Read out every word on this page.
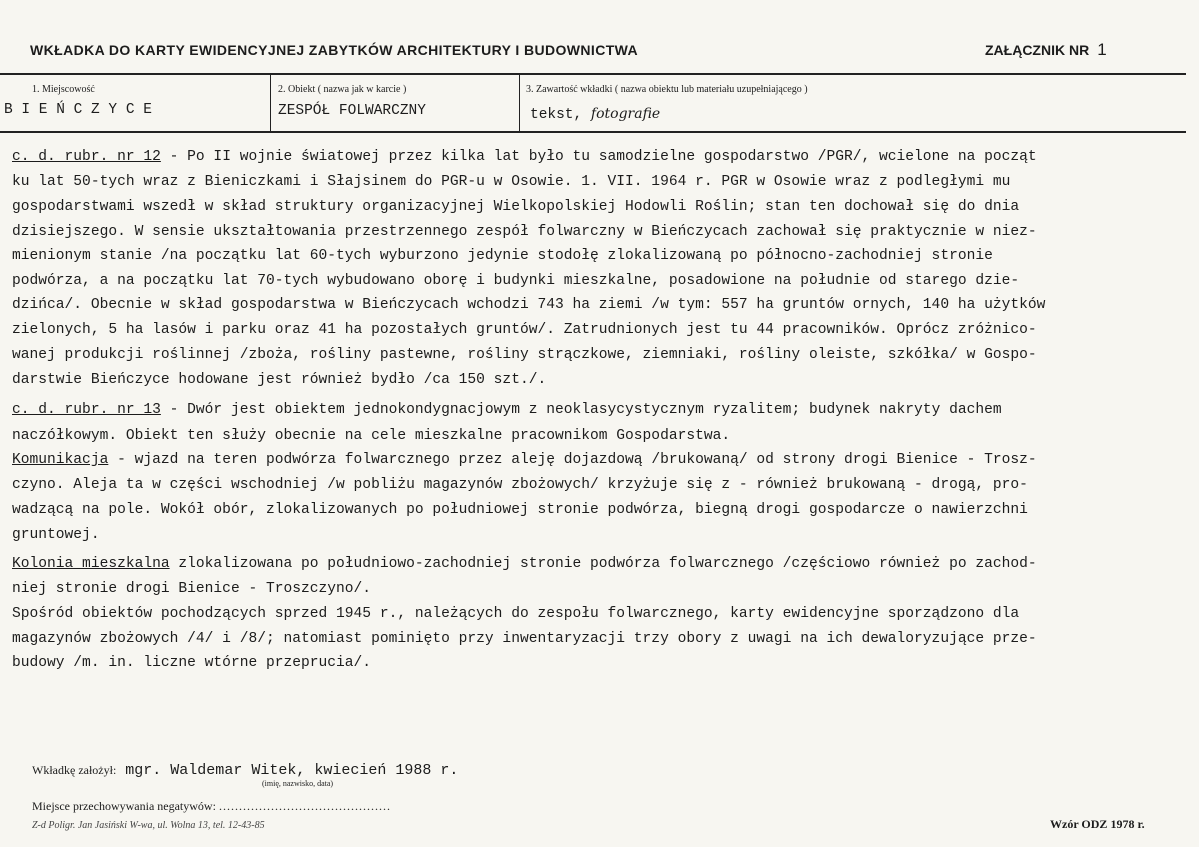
WKŁADKA DO KARTY EWIDENCYJNEJ ZABYTKÓW ARCHITEKTURY I BUDOWNICTWA	ZAŁĄCZNIK NR 1
1. Miejscowość
B I E Ń C Z Y C E
2. Obiekt ( nazwa jak w karcie )
ZESPÓŁ FOLWARCZNY
3. Zawartość wkładki ( nazwa obiektu lub materiału uzupełniającego )
tekst, fotografie
c. d. rubr. nr 12 - Po II wojnie światowej przez kilka lat było tu samodzielne gospodarstwo /PGR/, wcielone na począt
ku lat 50-tych wraz z Bieniczkami i Słajsinem do PGR-u w Osowie. 1. VII. 1964 r. PGR w Osowie wraz z podległymi mu
gospodarstwami wszedł w skład struktury organizacyjnej Wielkopolskiej Hodowli Roślin; stan ten dochował się do dnia
dzisiejszego. W sensie ukształtowania przestrzennego zespół folwarczny w Bieńczycach zachował się praktycznie w niez-
mienionym stanie /na początku lat 60-tych wyburzono jedynie stodołę zlokalizowaną po północno-zachodniej stronie
podwórza, a na początku lat 70-tych wybudowano oborę i budynki mieszkalne, posadowione na południe od starego dzie-
dzińca/. Obecnie w skład gospodarstwa w Bieńczycach wchodzi 743 ha ziemi /w tym: 557 ha gruntów ornych, 140 ha użytków
zielonych, 5 ha lasów i parku oraz 41 ha pozostałych gruntów/. Zatrudnionych jest tu 44 pracowników. Oprócz zróżnico-
wanej produkcji roślinnej /zboża, rośliny pastewne, rośliny strączkowe, ziemniaki, rośliny oleiste, szkółka/ w Gospo-
darstwie Bieńczyce hodowane jest również bydło /ca 150 szt./.
c. d. rubr. nr 13 - Dwór jest obiektem jednokondygnacjowym z neoklasycystycznym ryzalitem; budynek nakryty dachem
naczółkowym. Obiekt ten służy obecnie na cele mieszkalne pracownikom Gospodarstwa.
Komunikacja - wjazd na teren podwórza folwarcznego przez aleję dojazdową /brukowaną/ od strony drogi Bienice - Trosz-
czyno. Aleja ta w części wschodniej /w pobliżu magazynów zbożowych/ krzyżuje się z - również brukowaną - drogą, pro-
wadzącą na pole. Wokół obór, zlokalizowanych po południowej stronie podwórza, biegną drogi gospodarcze o nawierzchni
gruntowej.
Kolonia mieszkalna zlokalizowana po południowo-zachodniej stronie podwórza folwarcznego /częściowo również po zachod-
niej stronie drogi Bienice - Troszczyno/.
Spośród obiektów pochodzących sprzed 1945 r., należących do zespołu folwarcznego, karty ewidencyjne sporządzono dla
magazynów zbożowych /4/ i /8/; natomiast pominięto przy inwentaryzacji trzy obory z uwagi na ich dewaloryzujące prze-
budowy /m. in. liczne wtórne przeprucia/.
Wkładkę założył: mgr. Waldemar Witek, kwiecień 1988 r.
(imię, nazwisko, data)
Miejsce przechowywania negatywów: ...........................................
Z-d Poligr. Jan Jasiński W-wa, ul. Wolna 13, tel. 12-43-85	Wzór ODZ 1978 r.
